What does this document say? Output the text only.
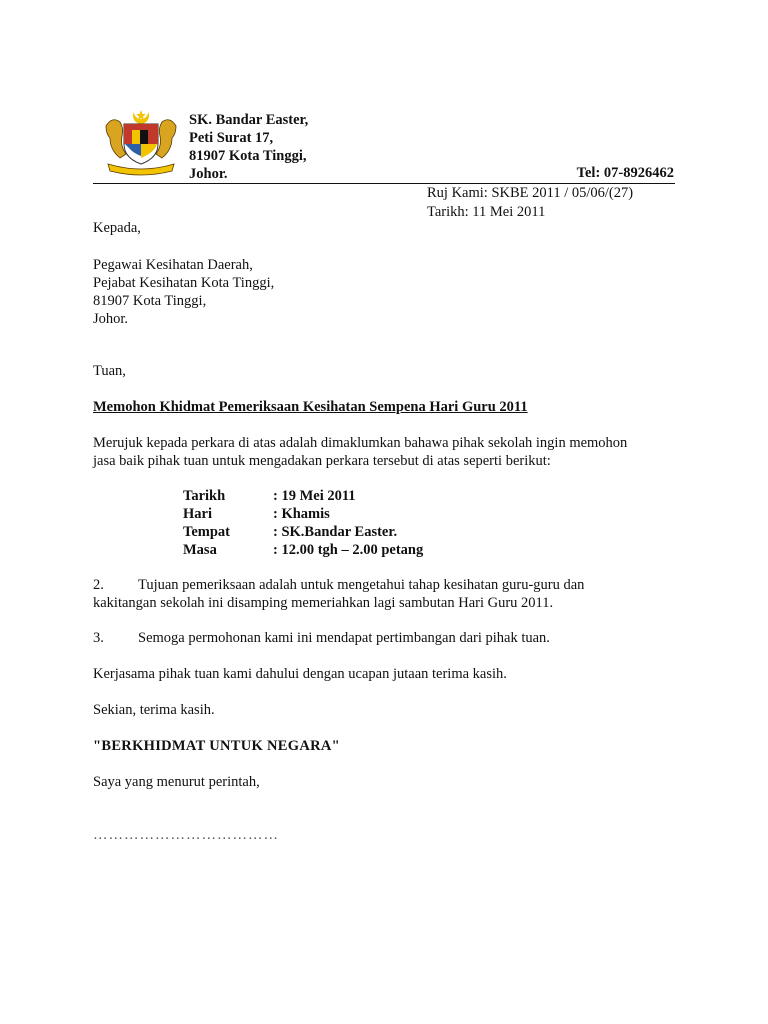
SK. Bandar Easter,
Peti Surat 17,
81907 Kota Tinggi,
Johor.	Tel: 07-8926462
Ruj Kami: SKBE 2011 / 05/06/(27)
Tarikh: 11 Mei 2011
Kepada,
Pegawai Kesihatan Daerah,
Pejabat Kesihatan Kota Tinggi,
81907 Kota Tinggi,
Johor.
Tuan,
Memohon Khidmat Pemeriksaan Kesihatan Sempena Hari Guru 2011
Merujuk kepada perkara di atas adalah dimaklumkan bahawa pihak sekolah ingin memohon
jasa baik pihak tuan untuk mengadakan perkara tersebut di atas seperti berikut:
Tarikh	: 19 Mei 2011
Hari	: Khamis
Tempat	: SK.Bandar Easter.
Masa	: 12.00 tgh – 2.00 petang
2. Tujuan pemeriksaan adalah untuk mengetahui tahap kesihatan guru-guru dan
kakitangan sekolah ini disamping memeriahkan lagi sambutan Hari Guru 2011.
3. Semoga permohonan kami ini mendapat pertimbangan dari pihak tuan.
Kerjasama pihak tuan kami dahului dengan ucapan jutaan terima kasih.
Sekian, terima kasih.
"BERKHIDMAT UNTUK NEGARA"
Saya yang menurut perintah,
………………………………
